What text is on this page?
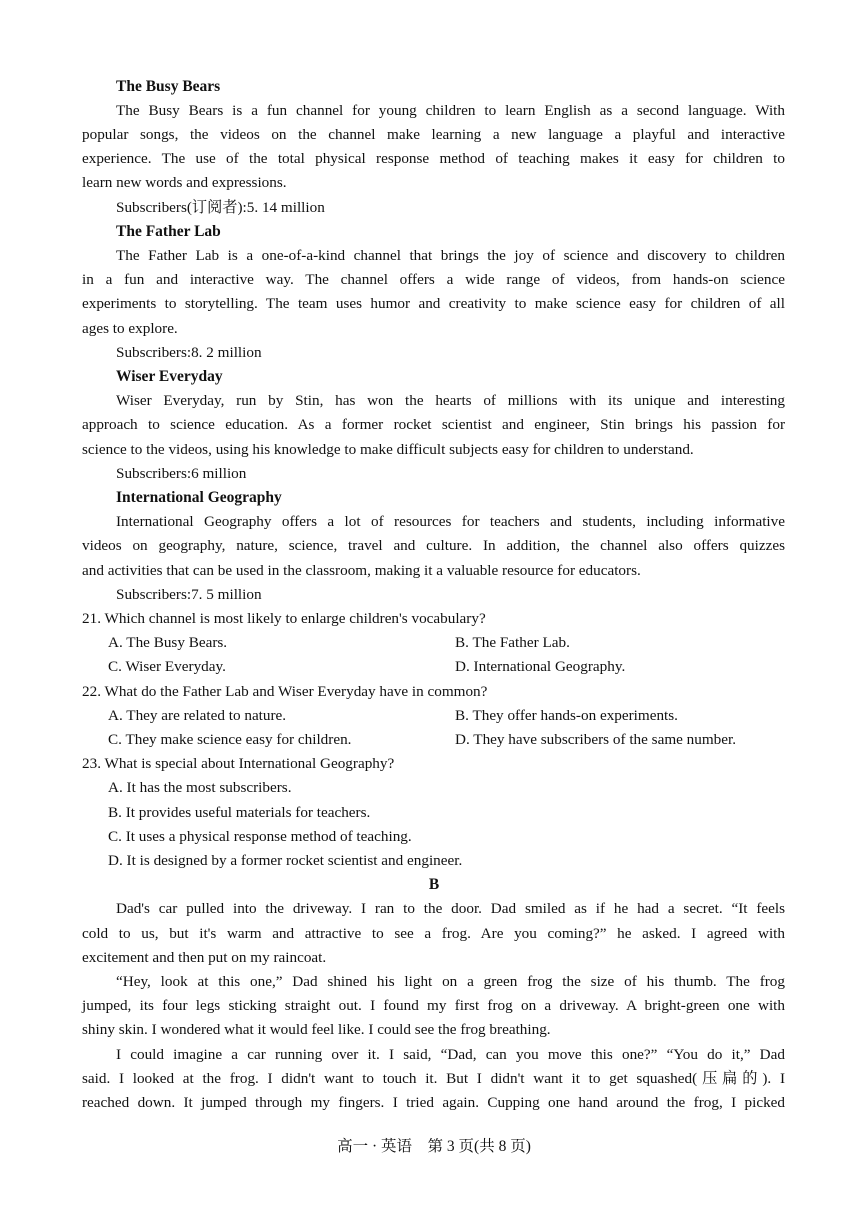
The Busy Bears
The Busy Bears is a fun channel for young children to learn English as a second language. With
popular songs, the videos on the channel make learning a new language a playful and interactive
experience. The use of the total physical response method of teaching makes it easy for children to
learn new words and expressions.
Subscribers(订阅者):5. 14 million
The Father Lab
The Father Lab is a one-of-a-kind channel that brings the joy of science and discovery to children
in a fun and interactive way. The channel offers a wide range of videos, from hands-on science
experiments to storytelling. The team uses humor and creativity to make science easy for children of all
ages to explore.
Subscribers:8. 2 million
Wiser Everyday
Wiser Everyday, run by Stin, has won the hearts of millions with its unique and interesting
approach to science education. As a former rocket scientist and engineer, Stin brings his passion for
science to the videos, using his knowledge to make difficult subjects easy for children to understand.
Subscribers:6 million
International Geography
International Geography offers a lot of resources for teachers and students, including informative
videos on geography, nature, science, travel and culture. In addition, the channel also offers quizzes
and activities that can be used in the classroom, making it a valuable resource for educators.
Subscribers:7. 5 million
21. Which channel is most likely to enlarge children's vocabulary?
A. The Busy Bears.	B. The Father Lab.
C. Wiser Everyday.	D. International Geography.
22. What do the Father Lab and Wiser Everyday have in common?
A. They are related to nature.	B. They offer hands-on experiments.
C. They make science easy for children.	D. They have subscribers of the same number.
23. What is special about International Geography?
A. It has the most subscribers.
B. It provides useful materials for teachers.
C. It uses a physical response method of teaching.
D. It is designed by a former rocket scientist and engineer.
B
Dad's car pulled into the driveway. I ran to the door. Dad smiled as if he had a secret. “It feels
cold to us, but it's warm and attractive to see a frog. Are you coming?” he asked. I agreed with
excitement and then put on my raincoat.
“Hey, look at this one,” Dad shined his light on a green frog the size of his thumb. The frog
jumped, its four legs sticking straight out. I found my first frog on a driveway. A bright-green one with
shiny skin. I wondered what it would feel like. I could see the frog breathing.
I could imagine a car running over it. I said, “Dad, can you move this one?” “You do it,” Dad
said. I looked at the frog. I didn't want to touch it. But I didn't want it to get squashed(压扁的). I
reached down. It jumped through my fingers. I tried again. Cupping one hand around the frog, I picked
高一 · 英语　第 3 页(共 8 页)
